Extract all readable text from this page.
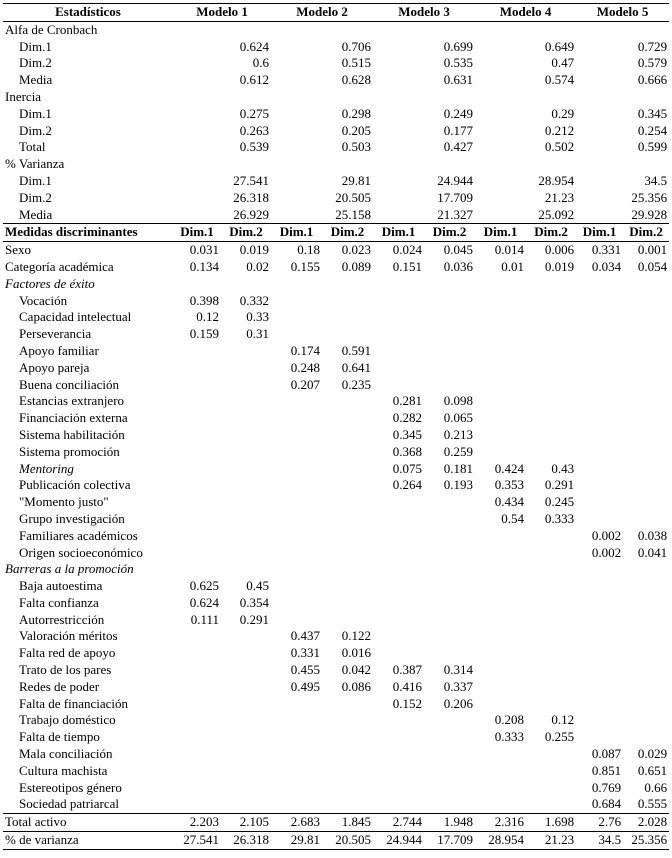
Estadísticos	Modelo 1		Modelo 2		Modelo 3		Modelo 4		Modelo 5	
Alfa de Cronbach										
Dim.1	0.624		0.706		0.699		0.649		0.729	
Dim.2	0.6		0.515		0.535		0.47		0.579	
Media	0.612		0.628		0.631		0.574		0.666	
Inercia										
Dim.1	0.275		0.298		0.249		0.29		0.345	
Dim.2	0.263		0.205		0.177		0.212		0.254	
Total	0.539		0.503		0.427		0.502		0.599	
% Varianza										
Dim.1	27.541		29.81		24.944		28.954		34.5	
Dim.2	26.318		20.505		17.709		21.23		25.356	
Media	26.929		25.158		21.327		25.092		29.928	
Medidas discriminantes	Dim.1	Dim.2	Dim.1	Dim.2	Dim.1	Dim.2	Dim.1	Dim.2	Dim.1	Dim.2
Sexo	0.031	0.019	0.18	0.023	0.024	0.045	0.014	0.006	0.331	0.001
Categoría académica	0.134	0.02	0.155	0.089	0.151	0.036	0.01	0.019	0.034	0.054
Factores de éxito										
Vocación	0.398	0.332								
Capacidad intelectual	0.12	0.33								
Perseverancia	0.159	0.31								
Apoyo familiar			0.174	0.591						
Apoyo pareja			0.248	0.641						
Buena conciliación			0.207	0.235						
Estancias extranjero					0.281	0.098				
Financiación externa					0.282	0.065				
Sistema habilitación					0.345	0.213				
Sistema promoción					0.368	0.259				
Mentoring					0.075	0.181	0.424	0.43		
Publicación colectiva					0.264	0.193	0.353	0.291		
"Momento justo"							0.434	0.245		
Grupo investigación							0.54	0.333		
Familiares académicos									0.002	0.038
Origen socioeconómico									0.002	0.041
Barreras a la promoción										
Baja autoestima	0.625	0.45								
Falta confianza	0.624	0.354								
Autorrestricción	0.111	0.291								
Valoración méritos			0.437	0.122						
Falta red de apoyo			0.331	0.016						
Trato de los pares			0.455	0.042	0.387	0.314				
Redes de poder			0.495	0.086	0.416	0.337				
Falta de financiación					0.152	0.206				
Trabajo doméstico							0.208	0.12		
Falta de tiempo							0.333	0.255		
Mala conciliación									0.087	0.029
Cultura machista									0.851	0.651
Estereotipos género									0.769	0.66
Sociedad patriarcal									0.684	0.555
Total activo	2.203	2.105	2.683	1.845	2.744	1.948	2.316	1.698	2.76	2.028
% de varianza	27.541	26.318	29.81	20.505	24.944	17.709	28.954	21.23	34.5	25.356
